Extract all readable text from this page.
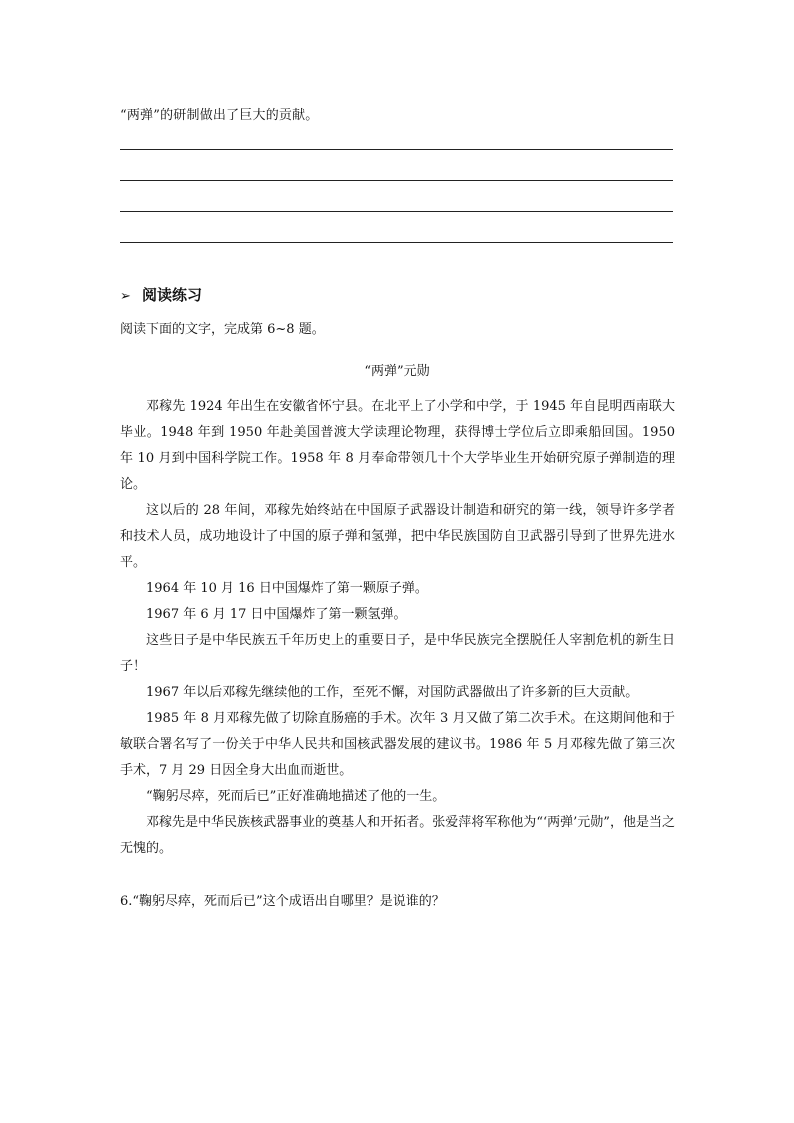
“两弹”的研制做出了巨大的贡献。
➢ 阅读练习
阅读下面的文字，完成第 6~8 题。
“两弹”元勋

邓稼先 1924 年出生在安徽省怀宁县。在北平上了小学和中学，于 1945 年自昆明西南联大毕业。1948 年到 1950 年赴美国普渡大学读理论物理，获得博士学位后立即乘船回国。1950 年 10 月到中国科学院工作。1958 年 8 月奉命带领几十个大学毕业生开始研究原子弹制造的理论。

这以后的 28 年间，邓稼先始终站在中国原子武器设计制造和研究的第一线，领导许多学者和技术人员，成功地设计了中国的原子弹和氢弹，把中华民族国防自卫武器引导到了世界先进水平。

1964 年 10 月 16 日中国爆炸了第一颗原子弹。

1967 年 6 月 17 日中国爆炸了第一颗氢弹。

这些日子是中华民族五千年历史上的重要日子，是中华民族完全摆脱任人宰割危机的新生日子！

1967 年以后邓稼先继续他的工作，至死不懈，对国防武器做出了许多新的巨大贡献。

1985 年 8 月邓稼先做了切除直肠癌的手术。次年 3 月又做了第二次手术。在这期间他和于敏联合署名写了一份关于中华人民共和国核武器发展的建议书。1986 年 5 月邓稼先做了第三次手术，7 月 29 日因全身大出血而逝世。

“鞠躬尽瘁，死而后已”正好准确地描述了他的一生。

邓稼先是中华民族核武器事业的奠基人和开拓者。张爱萍将军称他为“‘两弹’元勋”，他是当之无愧的。

6.“鞠躬尽瘁，死而后已”这个成语出自哪里？是说谁的？
